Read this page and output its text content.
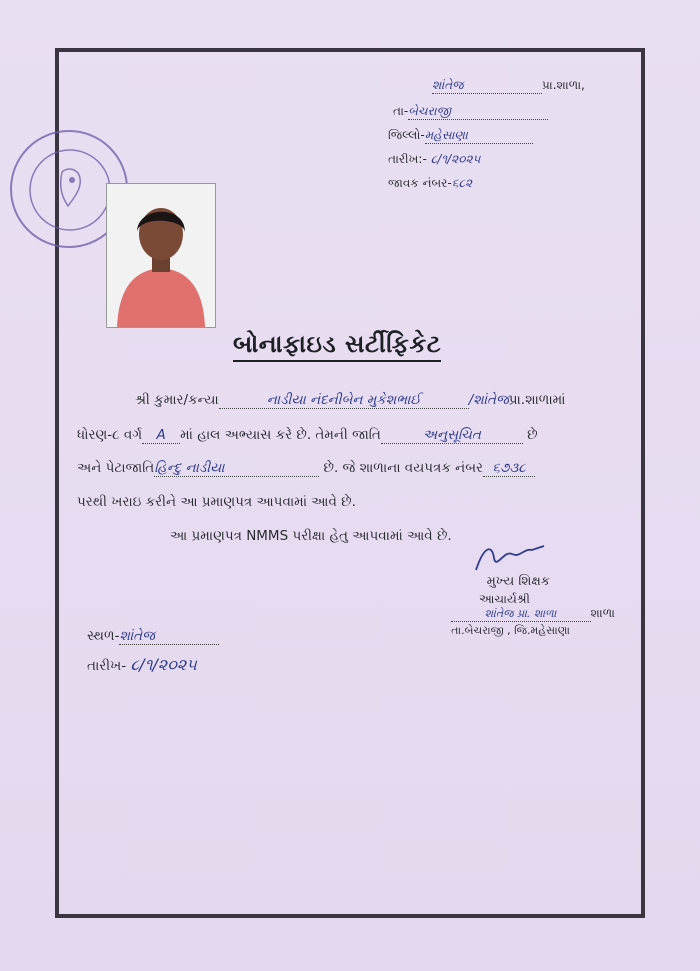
શાંતેજ	પ્રા.શાળા,
તા-બેચરાજી
જિલ્લો-મહેસાણા
તારીખ:- ૮/૧/૨૦૨૫
જાવક નંબર-૬૮૨
બોનાફાઇડ સર્ટીફિકેટ
શ્રી કુમાર/કન્યા	નાડીયા નંદનીબેન મુકેશભાઈ	/શાંતેજપ્રા.શાળામાં
ધોરણ-૮ વર્ગ A માં હાલ અભ્યાસ કરે છે. તેમની જાતિ	અનુસૂચિત	છે
અને પેટાજાતિહિન્દુ નાડીયા	છે. જે શાળાના વયપત્રક નંબર ૬૭૩૮
પરથી ખરાઇ કરીને આ પ્રમાણપત્ર આપવામાં આવે છે.
આ પ્રમાણપત્ર NMMS પરીક્ષા હેતુ આપવામાં આવે છે.
મુખ્ય શિક્ષક
આચાર્યશ્રી
શાંતેજ પ્રા. શાળા	શાળા
તા.બેચરાજી , જિ.મહેસાણા
સ્થળ-શાંતેજ
તારીખ- ૮/૧/૨૦૨૫
